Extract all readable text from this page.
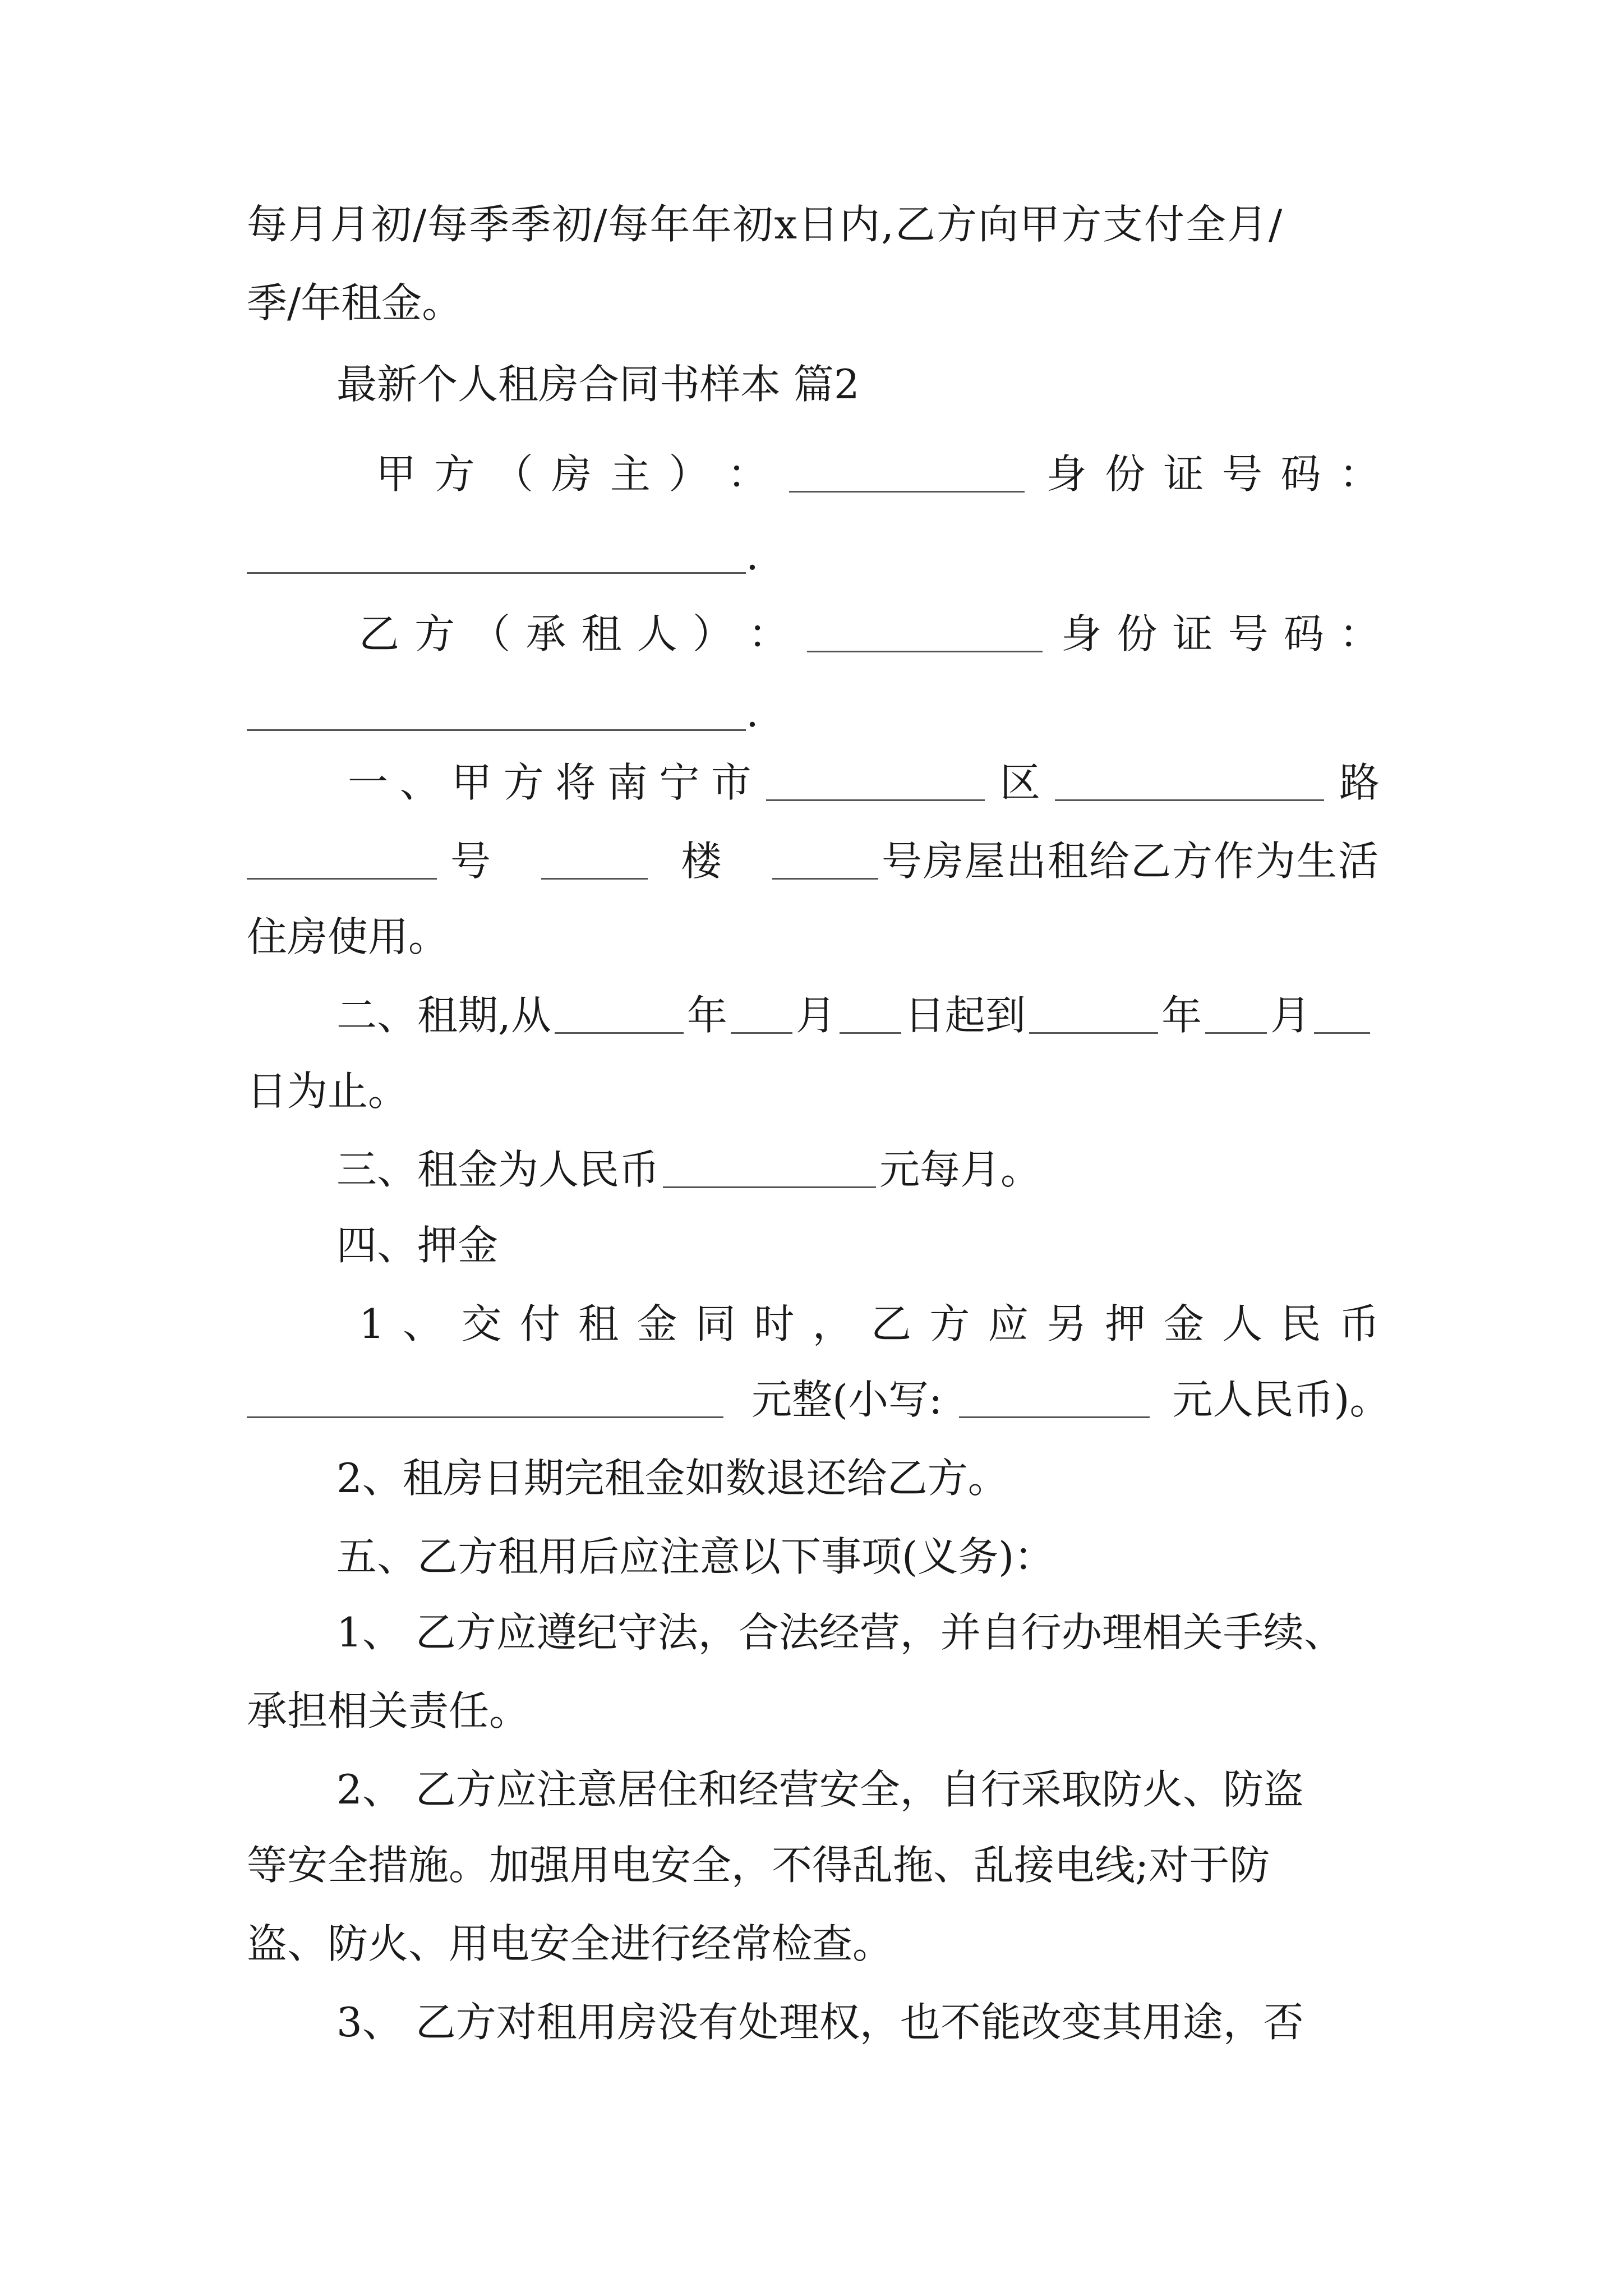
每月月初/每季季初/每年年初x日内,乙方向甲方支付全月/
季/年租金。
最新个人租房合同书样本 篇2
甲 方 （ 房 主 ） ：	身 份 证 号 码 ：
.
乙 方 （ 承 租 人 ） ：	身 份 证 号 码 ：
.
一 、 甲 方 将 南 宁 市	区	路
号	楼	号房屋出租给乙方作为生活
住房使用。
二、租期,从	年 月 日起到	年 月
日为止。
三、租金为人民币	元每月。
四、押金
1 、 交 付 租 金 同 时 ， 乙 方 应 另 押 金 人 民 币
元整(小写:	元人民币)。
2、租房日期完租金如数退还给乙方。
五、乙方租用后应注意以下事项(义务)：
1、 乙方应遵纪守法，合法经营，并自行办理相关手续、
承担相关责任。
2、 乙方应注意居住和经营安全，自行采取防火、防盗
等安全措施。加强用电安全，不得乱拖、乱接电线;对于防
盗、防火、用电安全进行经常检查。
3、 乙方对租用房没有处理权，也不能改变其用途，否
